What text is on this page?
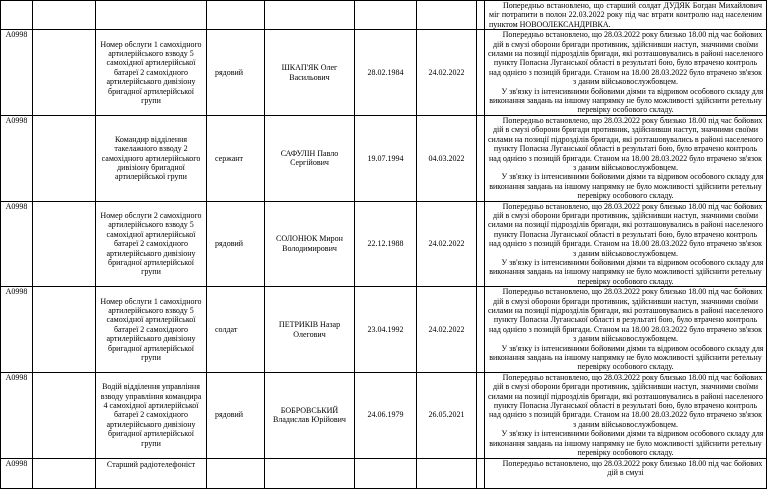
								Попередньо встановлено, що старший солдат ДУДЯК Богдан Михайлович міг потрапити в полон 22.03.2022 року під час втрати контролю над населеним пунктом НОВООЛЕКСАНДРІВКА.

А0998		Номер обслуги 1 самохідного артилерійського взводу 5 самохідної артилерійської батареї 2 самохідного артилерійського дивізіону бригадної артилерійської групи	рядовий	ШКАП'ЯК Олег Васильович	28.02.1984	24.02.2022		Попередньо встановлено, що 28.03.2022 року близько 18.00 під час бойових дій в смузі оборони бригади противник, здійснивши наступ, значними своїми силами на позиції підрозділів бригади, які розташовувались в районі населеного пункту Попасна Луганської області в результаті бою, було втрачено контроль над однією з позицій бригади. Станом на 18.00 28.03.2022 було втрачено зв'язок з даним військовослужбовцем.
У зв'язку із інтенсивними бойовими діями та відривом особового складу для виконання завдань на іншому напрямку не було можливості здійснити ретельну перевірку особового складу.

А0998		Командир відділення такелажного взводу 2 самохідного артилерійського дивізіону бригадної артилерійської групи	сержант	САФУЛІН Павло Сергійович	19.07.1994	04.03.2022		Попередньо встановлено, що 28.03.2022 року близько 18.00 під час бойових дій в смузі оборони бригади противник, здійснивши наступ, значними своїми силами на позиції підрозділів бригади, які розташовувались в районі населеного пункту Попасна Луганської області в результаті бою, було втрачено контроль над однією з позицій бригади. Станом на 18.00 28.03.2022 було втрачено зв'язок з даним військовослужбовцем.
У зв'язку із інтенсивними бойовими діями та відривом особового складу для виконання завдань на іншому напрямку не було можливості здійснити ретельну перевірку особового складу.

А0998		Номер обслуги 2 самохідного артилерійського взводу 5 самохідної артилерійської батареї 2 самохідного артилерійського дивізіону бригадної артилерійської групи	рядовий	СОЛОНЮК Мирон Володимирович	22.12.1988	24.02.2022		Попередньо встановлено, що 28.03.2022 року близько 18.00 під час бойових дій в смузі оборони бригади противник, здійснивши наступ, значними своїми силами на позиції підрозділів бригади, які розташовувались в районі населеного пункту Попасна Луганської області в результаті бою, було втрачено контроль над однією з позицій бригади. Станом на 18.00 28.03.2022 було втрачено зв'язок з даним військовослужбовцем.
У зв'язку із інтенсивними бойовими діями та відривом особового складу для виконання завдань на іншому напрямку не було можливості здійснити ретельну перевірку особового складу.

А0998		Номер обслуги 1 самохідного артилерійського взводу 5 самохідної артилерійської батареї 2 самохідного артилерійського дивізіону бригадної артилерійської групи	солдат	ПЕТРИКІВ Назар Олегович	23.04.1992	24.02.2022		Попередньо встановлено, що 28.03.2022 року близько 18.00 під час бойових дій в смузі оборони бригади противник, здійснивши наступ, значними своїми силами на позиції підрозділів бригади, які розташовувались в районі населеного пункту Попасна Луганської області в результаті бою, було втрачено контроль над однією з позицій бригади. Станом на 18.00 28.03.2022 було втрачено зв'язок з даним військовослужбовцем.
У зв'язку із інтенсивними бойовими діями та відривом особового складу для виконання завдань на іншому напрямку не було можливості здійснити ретельну перевірку особового складу.

А0998		Водій відділення управління взводу управління командира 4 самохідної артилерійської батареї 2 самохідного артилерійського дивізіону бригадної артилерійської групи	рядовий	БОБРОВСЬКИЙ Владислав Юрійович	24.06.1979	26.05.2021		Попередньо встановлено, що 28.03.2022 року близько 18.00 під час бойових дій в смузі оборони бригади противник, здійснивши наступ, значними своїми силами на позиції підрозділів бригади, які розташовувались в районі населеного пункту Попасна Луганської області в результаті бою, було втрачено контроль над однією з позицій бригади. Станом на 18.00 28.03.2022 було втрачено зв'язок з даним військовослужбовцем.
У зв'язку із інтенсивними бойовими діями та відривом особового складу для виконання завдань на іншому напрямку не було можливості здійснити ретельну перевірку особового складу.

А0998		Старший радіотелефоніст						Попередньо встановлено, що 28.03.2022 року близько 18.00 під час бойових дій в смузі
